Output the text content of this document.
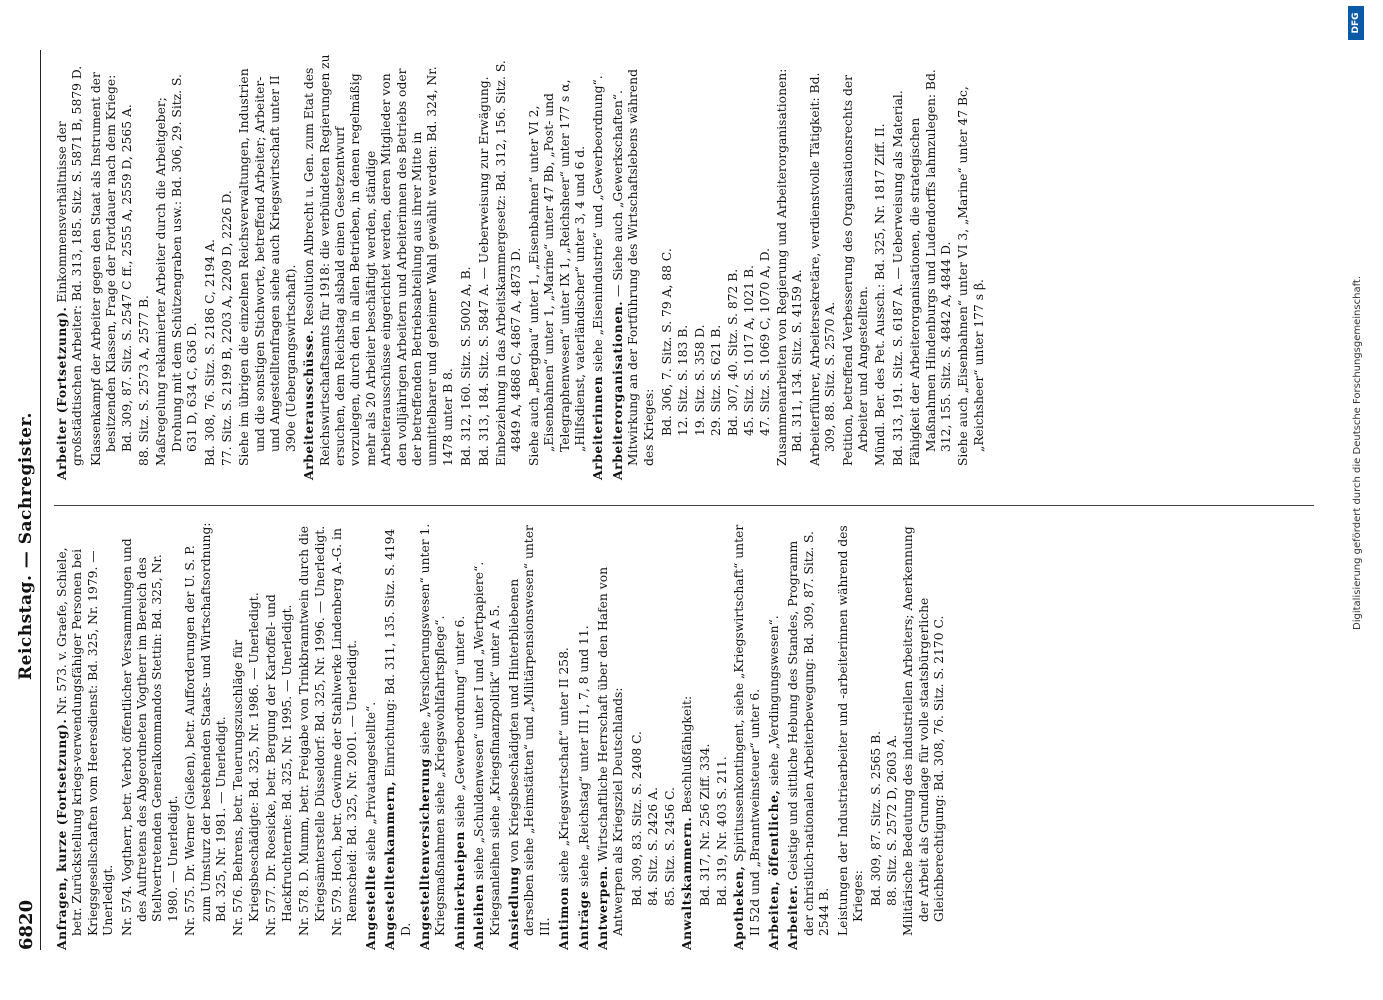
6820
Reichstag. — Sachregister.
Anfragen, kurze (Fortsetzung). Nr. 573. v. Graefe, Schiele, betr. Zurückstellung kriegs-verwendungsfähiger Personen bei Kriegsgesellschaften vom Heeresdienst: Bd. 325, Nr. 1979. — Unerledigt. Nr. 574. Vogtherr, betr. Verbot öffentlicher Versammlungen und des Auftretens des Abgeordneten Vogtherr im Bereich des Stellvertretenden Generalkommandos Stettin: Bd. 325, Nr. 1980. — Unerledigt. Nr. 575. Dr. Werner (Gießen), betr. Aufforderungen der U. S. P. zum Umsturz der bestehenden Staats- und Wirtschaftsordnung: Bd. 325, Nr. 1981. — Unerledigt. Nr. 576. Behrens, betr. Teuerungszuschläge für Kriegsbeschädigte: Bd. 325, Nr. 1986. — Unerledigt. Nr. 577. Dr. Roesicke, betr. Bergung der Kartoffel- und Hackfruchternte: Bd. 325, Nr. 1995. — Unerledigt. Nr. 578. D. Mumm, betr. Freigabe von Trinkbranntwein durch die Kriegsämterstelle Düsseldorf: Bd. 325, Nr. 1996. — Unerledigt. Nr. 579. Hoch, betr. Gewinne der Stahlwerke Lindenberg A.-G. in Remscheid: Bd. 325, Nr. 2001. — Unerledigt. Angestellte siehe „Privatangestellte“. Angestelltenkammern, Einrichtung: Bd. 311, 135. Sitz. S. 4194 D. Angestelltenversicherung siehe „Versicherungswesen“ unter 1. Kriegsmaßnahmen siehe „Kriegswohlfahrtspflege“. Animierkneipen siehe „Gewerbeordnung“ unter 6.
Anleihen siehe „Schuldenwesen“ unter I und „Wertpapiere“. Kriegsanleihen siehe „Kriegsfinanzpolitik“ unter A 5. Ansiedlung von Kriegsbeschädigten und Hinterbliebenen derselben siehe „Heimstätten“ und „Militärpensionswesen“ unter III. Antimon siehe „Kriegswirtschaft“ unter II 258.
Anträge siehe „Reichstag“ unter III 1, 7, 8 und 11.
Antwerpen. Wirtschaftliche Herrschaft über den Hafen von Antwerpen als Kriegsziel Deutschlands: Bd. 309, 83. Sitz. S. 2408 C. 84. Sitz. S. 2426 A. 85. Sitz. S. 2456 C. Anwaltskammern. Beschlußfähigkeit: Bd. 317, Nr. 256 Ziff. 334. Bd. 319, Nr. 403 S. 211.
Apotheken, Spiritussenkontingent, siehe „Kriegswirtschaft“ unter II 52d und „Branntweinsteuer“ unter 6. Arbeiten, öffentliche, siehe „Verdingungswesen“.
Arbeiter. Geistige und sittliche Hebung des Standes, Programm der christlich-nationalen Arbeiterbewegung: Bd. 309, 87. Sitz. S. 2544 B. Leistungen der Industriearbeiter und -arbeiterinnen während des Krieges: Bd. 309, 87. Sitz. S. 2565 B. 88. Sitz. S. 2572 D, 2603 A. Militärische Bedeutung des industriellen Arbeiters; Anerkennung der Arbeit als Grundlage für volle staatsbürgerliche Gleichberechtigung: Bd. 308, 76. Sitz. S. 2170 C.
Arbeiter (Fortsetzung). Einkommensverhältnisse der großstädtischen Arbeiter: Bd. 313, 185. Sitz. S. 5871 B, 5879 D. Klassenkampf der Arbeiter gegen den Staat als Instrument der besitzenden Klassen, Frage der Fortdauer nach dem Kriege: Bd. 309, 87. Sitz. S. 2547 C ff., 2555 A, 2559 D, 2565 A. 88. Sitz. S. 2573 A, 2577 B. Maßregelung reklamierter Arbeiter durch die Arbeitgeber; Drohung mit dem Schützengraben usw.: Bd. 306, 29. Sitz. S. 631 D, 634 C, 636 D. Bd. 308, 76. Sitz. S. 2186 C, 2194 A. 77. Sitz. S. 2199 B, 2203 A, 2209 D, 2226 D. Siehe im übrigen die einzelnen Reichsverwaltungen, Industrien und die sonstigen Stichworte, betreffend Arbeiter; Arbeiter- und Angestelltenfragen siehe auch Kriegswirtschaft unter II 390e (Uebergangswirtschaft). Arbeiterausschüsse. Resolution Albrecht u. Gen. zum Etat des Reichswirtschaftsamts für 1918: die verbündeten Regierungen zu ersuchen, dem Reichstag alsbald einen Gesetzentwurf vorzulegen, durch den in allen Betrieben, in denen regelmäßig mehr als 20 Arbeiter beschäftigt werden, ständige Arbeiterausschüsse eingerichtet werden, deren Mitglieder von den volljährigen Arbeitern und Arbeiterinnen des Betriebs oder der betreffenden Betriebsabteilung aus ihrer Mitte in unmittelbarer und geheimer Wahl gewählt werden: Bd. 324, Nr. 1478 unter B 8. Bd. 312, 160. Sitz. S. 5002 A, B. Bd. 313, 184. Sitz. S. 5847 A. — Ueberweisung zur Erwägung. Einbeziehung in das Arbeitskammergesetz: Bd. 312, 156. Sitz. S. 4849 A, 4868 C, 4867 A, 4873 D. Siehe auch „Bergbau“ unter 1, „Eisenbahnen“ unter VI 2, „Eisenbahnen“ unter 1, „Marine“ unter 47 Bb, „Post- und Telegraphenwesen“ unter IX 1, „Reichsheer“ unter 177 s α, „Hilfsdienst, vaterländischer“ unter 3, 4 und 6 d. Arbeiterinnen siehe „Eisenindustrie“ und „Gewerbeordnung“.
Arbeiterorganisationen. — Siehe auch „Gewerkschaften“. Mitwirkung an der Fortführung des Wirtschaftslebens während des Krieges: Bd. 306, 7. Sitz. S. 79 A, 88 C. 12. Sitz. S. 183 B. 19. Sitz. S. 358 D. 29. Sitz. S. 621 B. Bd. 307, 40. Sitz. S. 872 B. 45. Sitz. S. 1017 A, 1021 B. 47. Sitz. S. 1069 C, 1070 A, D. Zusammenarbeiten von Regierung und Arbeiterorganisationen: Bd. 311, 134. Sitz. S. 4159 A. Arbeiterführer, Arbeitersekretäre, verdienstvolle Tätigkeit: Bd. 309, 88. Sitz. S. 2570 A. Petition, betreffend Verbesserung des Organisationsrechts der Arbeiter und Angestellten. Mündl. Ber. des Pet. Aussch.: Bd. 325, Nr. 1817 Ziff. II. Bd. 313, 191. Sitz. S. 6187 A. — Ueberweisung als Material. Fähigkeit der Arbeiterorganisationen, die strategischen Maßnahmen Hindenburgs und Ludendorffs lahmzulegen: Bd. 312, 155. Sitz. S. 4842 A, 4844 D. Siehe auch „Eisenbahnen“ unter VI 3, „Marine“ unter 47 Bc, „Reichsheer“ unter 177 s β.	Digitalisierung gefördert durch die Deutsche Forschungsgemeinschaft.
DFG
